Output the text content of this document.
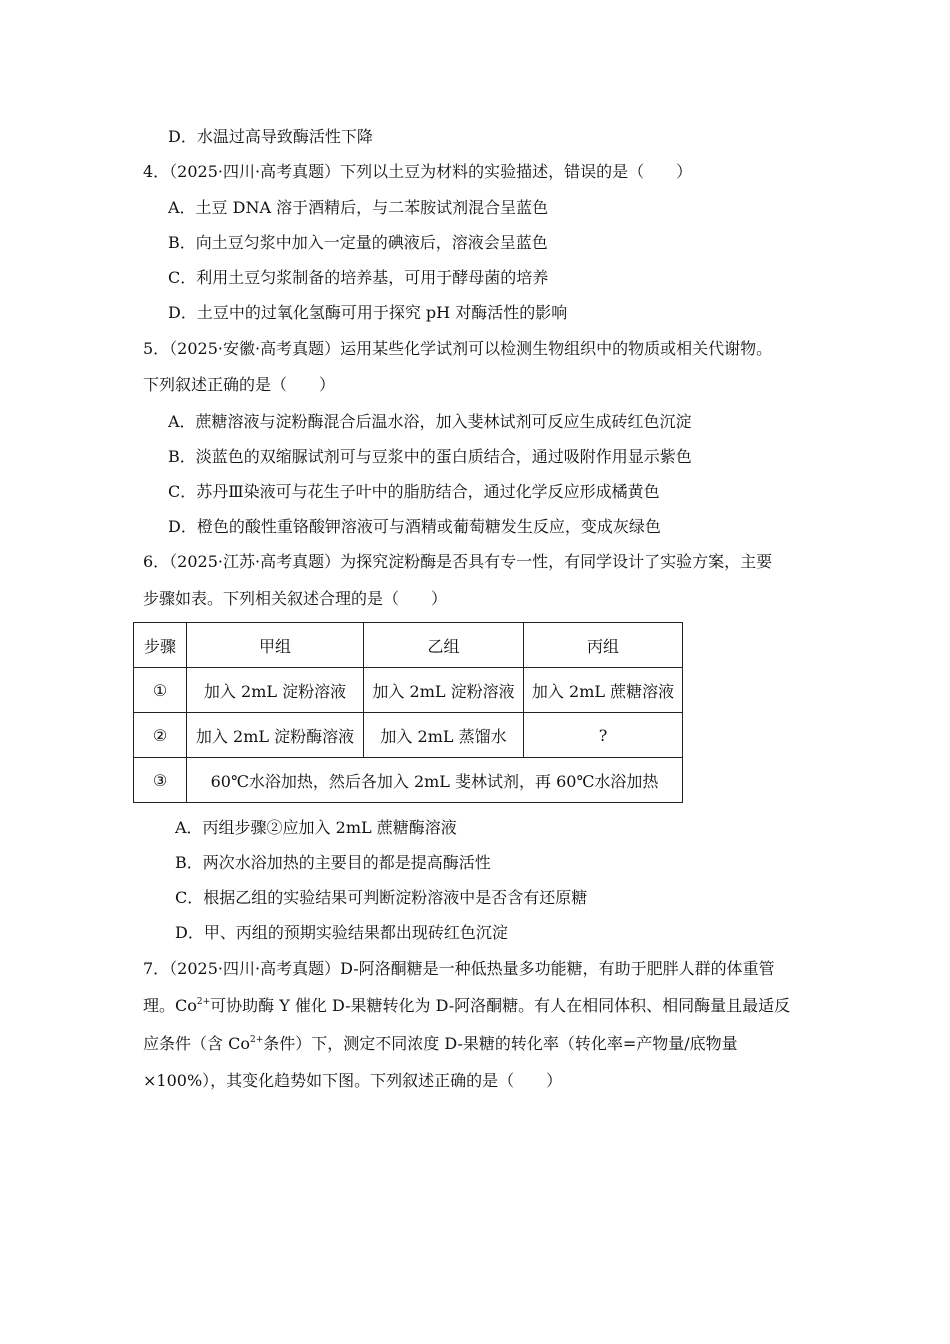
D．水温过高导致酶活性下降
4．（2025·四川·高考真题）下列以土豆为材料的实验描述，错误的是（　　）
A．土豆 DNA 溶于酒精后，与二苯胺试剂混合呈蓝色
B．向土豆匀浆中加入一定量的碘液后，溶液会呈蓝色
C．利用土豆匀浆制备的培养基，可用于酵母菌的培养
D．土豆中的过氧化氢酶可用于探究 pH 对酶活性的影响
5．（2025·安徽·高考真题）运用某些化学试剂可以检测生物组织中的物质或相关代谢物。
下列叙述正确的是（　　）
A．蔗糖溶液与淀粉酶混合后温水浴，加入斐林试剂可反应生成砖红色沉淀
B．淡蓝色的双缩脲试剂可与豆浆中的蛋白质结合，通过吸附作用显示紫色
C．苏丹Ⅲ染液可与花生子叶中的脂肪结合，通过化学反应形成橘黄色
D．橙色的酸性重铬酸钾溶液可与酒精或葡萄糖发生反应，变成灰绿色
6．（2025·江苏·高考真题）为探究淀粉酶是否具有专一性，有同学设计了实验方案，主要
步骤如表。下列相关叙述合理的是（　　）
步骤	甲组	乙组	丙组
①	加入 2mL 淀粉溶液	加入 2mL 淀粉溶液	加入 2mL 蔗糖溶液
②	加入 2mL 淀粉酶溶液	加入 2mL 蒸馏水	?
③	60℃水浴加热，然后各加入 2mL 斐林试剂，再 60℃水浴加热		
A．丙组步骤②应加入 2mL 蔗糖酶溶液
B．两次水浴加热的主要目的都是提高酶活性
C．根据乙组的实验结果可判断淀粉溶液中是否含有还原糖
D．甲、丙组的预期实验结果都出现砖红色沉淀
7．（2025·四川·高考真题）D-阿洛酮糖是一种低热量多功能糖，有助于肥胖人群的体重管
理。$Co^{2+}$可协助酶 Y 催化 D-果糖转化为 D-阿洛酮糖。有人在相同体积、相同酶量且最适反
应条件（含 $Co^{2+}$条件）下，测定不同浓度 D-果糖的转化率（转化率=产物量/底物量
×100%），其变化趋势如下图。下列叙述正确的是（　　）
